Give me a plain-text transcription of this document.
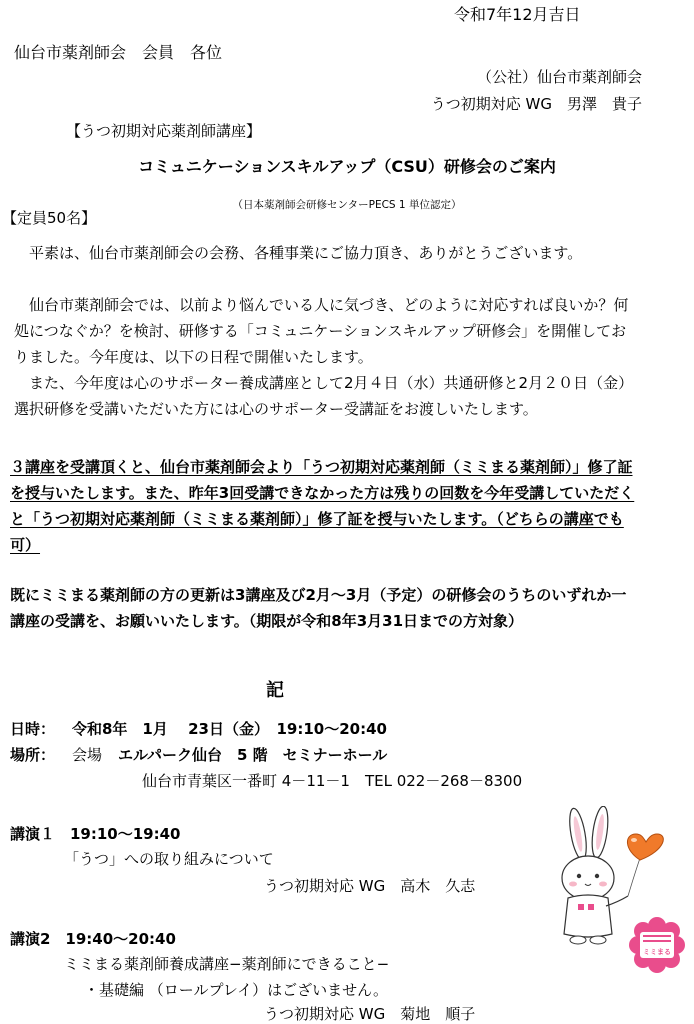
令和7年12月吉日
仙台市薬剤師会　会員　各位
（公社）仙台市薬剤師会
うつ初期対応 WG　男澤　貴子
【うつ初期対応薬剤師講座】
コミュニケーションスキルアップ（CSU）研修会のご案内
（日本薬剤師会研修センターPECS 1 単位認定）
【定員50名】

　平素は、仙台市薬剤師会の会務、各種事業にご協力頂き、ありがとうございます。

　仙台市薬剤師会では、以前より悩んでいる人に気づき、どのように対応すれば良いか？何処につなぐか？を検討、研修する「コミュニケーションスキルアップ研修会」を開催しておりました。今年度は、以下の日程で開催いたします。

　また、今年度は心のサポーター養成講座として2月４日（水）共通研修と2月２０日（金）選択研修を受講いただいた方には心のサポーター受講証をお渡しいたします。

３講座を受講頂くと、仙台市薬剤師会より「うつ初期対応薬剤師（ミミまる薬剤師）」修了証を授与いたします。また、昨年3回受講できなかった方は残りの回数を今年受講していただくと「うつ初期対応薬剤師（ミミまる薬剤師）」修了証を授与いたします。（どちらの講座でも可）

既にミミまる薬剤師の方の更新は3講座及び2月～3月（予定）の研修会のうちのいずれか一講座の受講を、お願いいたします。（期限が令和8年3月31日までの方対象）

記
日時： 令和8年　1月　 23日（金）　19:10～20:40
場所： 会場 エルパーク仙台　5 階　セミナーホール
仙台市青葉区一番町 4－11－1　TEL 022－268－8300
講演１　19:10～19:40
「うつ」への取り組みについて
うつ初期対応 WG　高木　久志
講演2　19:40～20:40
ミミまる薬剤師養成講座−薬剤師にできること−
・基礎編 （ロールプレイ）はございません。
うつ初期対応 WG　菊地　順子
ミミまる
